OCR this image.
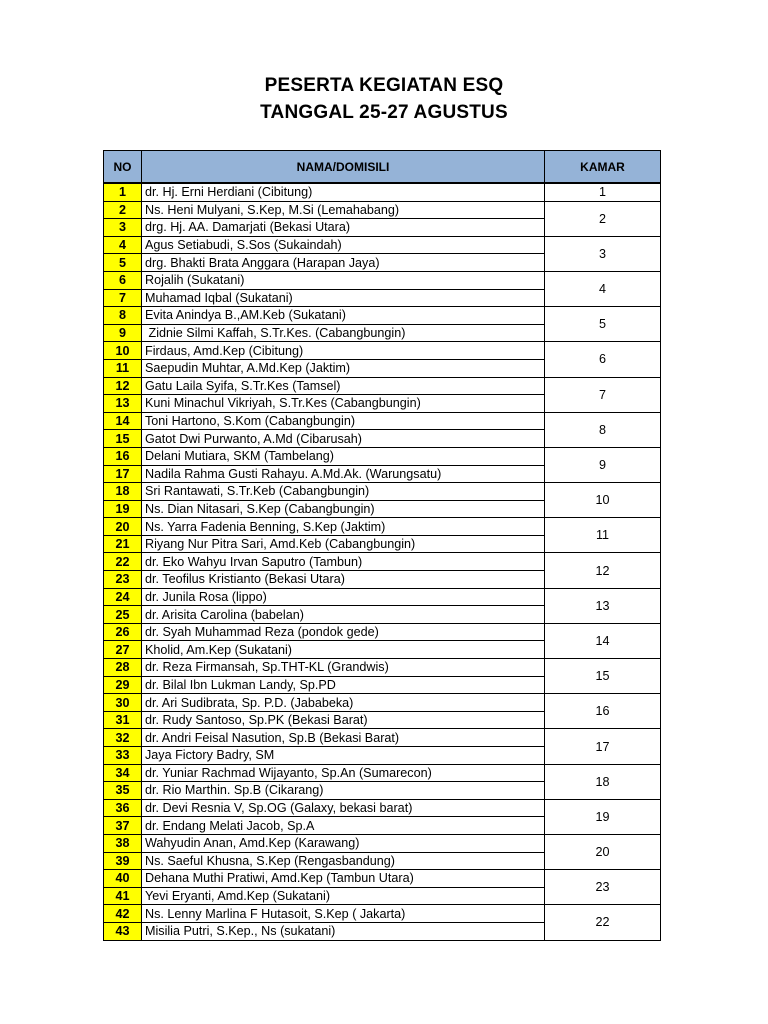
PESERTA KEGIATAN ESQ
TANGGAL 25-27 AGUSTUS
NO	NAMA/DOMISILI	KAMAR
1	dr. Hj. Erni Herdiani (Cibitung)	1
2	Ns. Heni Mulyani, S.Kep, M.Si (Lemahabang)	2
3	drg. Hj. AA. Damarjati (Bekasi Utara)	
4	Agus Setiabudi, S.Sos (Sukaindah)	3
5	drg. Bhakti Brata Anggara (Harapan Jaya)	
6	Rojalih (Sukatani)	4
7	Muhamad Iqbal (Sukatani)	
8	Evita Anindya B.,AM.Keb (Sukatani)	5
9	Zidnie Silmi Kaffah, S.Tr.Kes. (Cabangbungin)	
10	Firdaus, Amd.Kep (Cibitung)	6
11	Saepudin Muhtar, A.Md.Kep (Jaktim)	
12	Gatu Laila Syifa, S.Tr.Kes (Tamsel)	7
13	Kuni Minachul Vikriyah, S.Tr.Kes (Cabangbungin)	
14	Toni Hartono, S.Kom (Cabangbungin)	8
15	Gatot Dwi Purwanto, A.Md (Cibarusah)	
16	Delani Mutiara, SKM (Tambelang)	9
17	Nadila Rahma Gusti Rahayu. A.Md.Ak. (Warungsatu)	
18	Sri Rantawati, S.Tr.Keb (Cabangbungin)	10
19	Ns. Dian Nitasari, S.Kep (Cabangbungin)	
20	Ns. Yarra Fadenia Benning, S.Kep (Jaktim)	11
21	Riyang Nur Pitra Sari, Amd.Keb (Cabangbungin)	
22	dr. Eko Wahyu Irvan Saputro (Tambun)	12
23	dr. Teofilus Kristianto (Bekasi Utara)	
24	dr. Junila Rosa (lippo)	13
25	dr. Arisita Carolina (babelan)	
26	dr. Syah Muhammad Reza (pondok gede)	14
27	Kholid, Am.Kep (Sukatani)	
28	dr. Reza Firmansah, Sp.THT-KL (Grandwis)	15
29	dr. Bilal Ibn Lukman Landy, Sp.PD	
30	dr. Ari Sudibrata, Sp. P.D. (Jababeka)	16
31	dr. Rudy Santoso, Sp.PK (Bekasi Barat)	
32	dr. Andri Feisal Nasution, Sp.B (Bekasi Barat)	17
33	Jaya Fictory Badry, SM	
34	dr. Yuniar Rachmad Wijayanto, Sp.An (Sumarecon)	18
35	dr. Rio Marthin. Sp.B (Cikarang)	
36	dr. Devi Resnia V, Sp.OG (Galaxy, bekasi barat)	19
37	dr. Endang Melati Jacob, Sp.A	
38	Wahyudin Anan, Amd.Kep (Karawang)	20
39	Ns. Saeful Khusna, S.Kep (Rengasbandung)	
40	Dehana Muthi Pratiwi, Amd.Kep (Tambun Utara)	23
41	Yevi Eryanti, Amd.Kep (Sukatani)	
42	Ns. Lenny Marlina F Hutasoit, S.Kep ( Jakarta)	22
43	Misilia Putri, S.Kep., Ns (sukatani)	
